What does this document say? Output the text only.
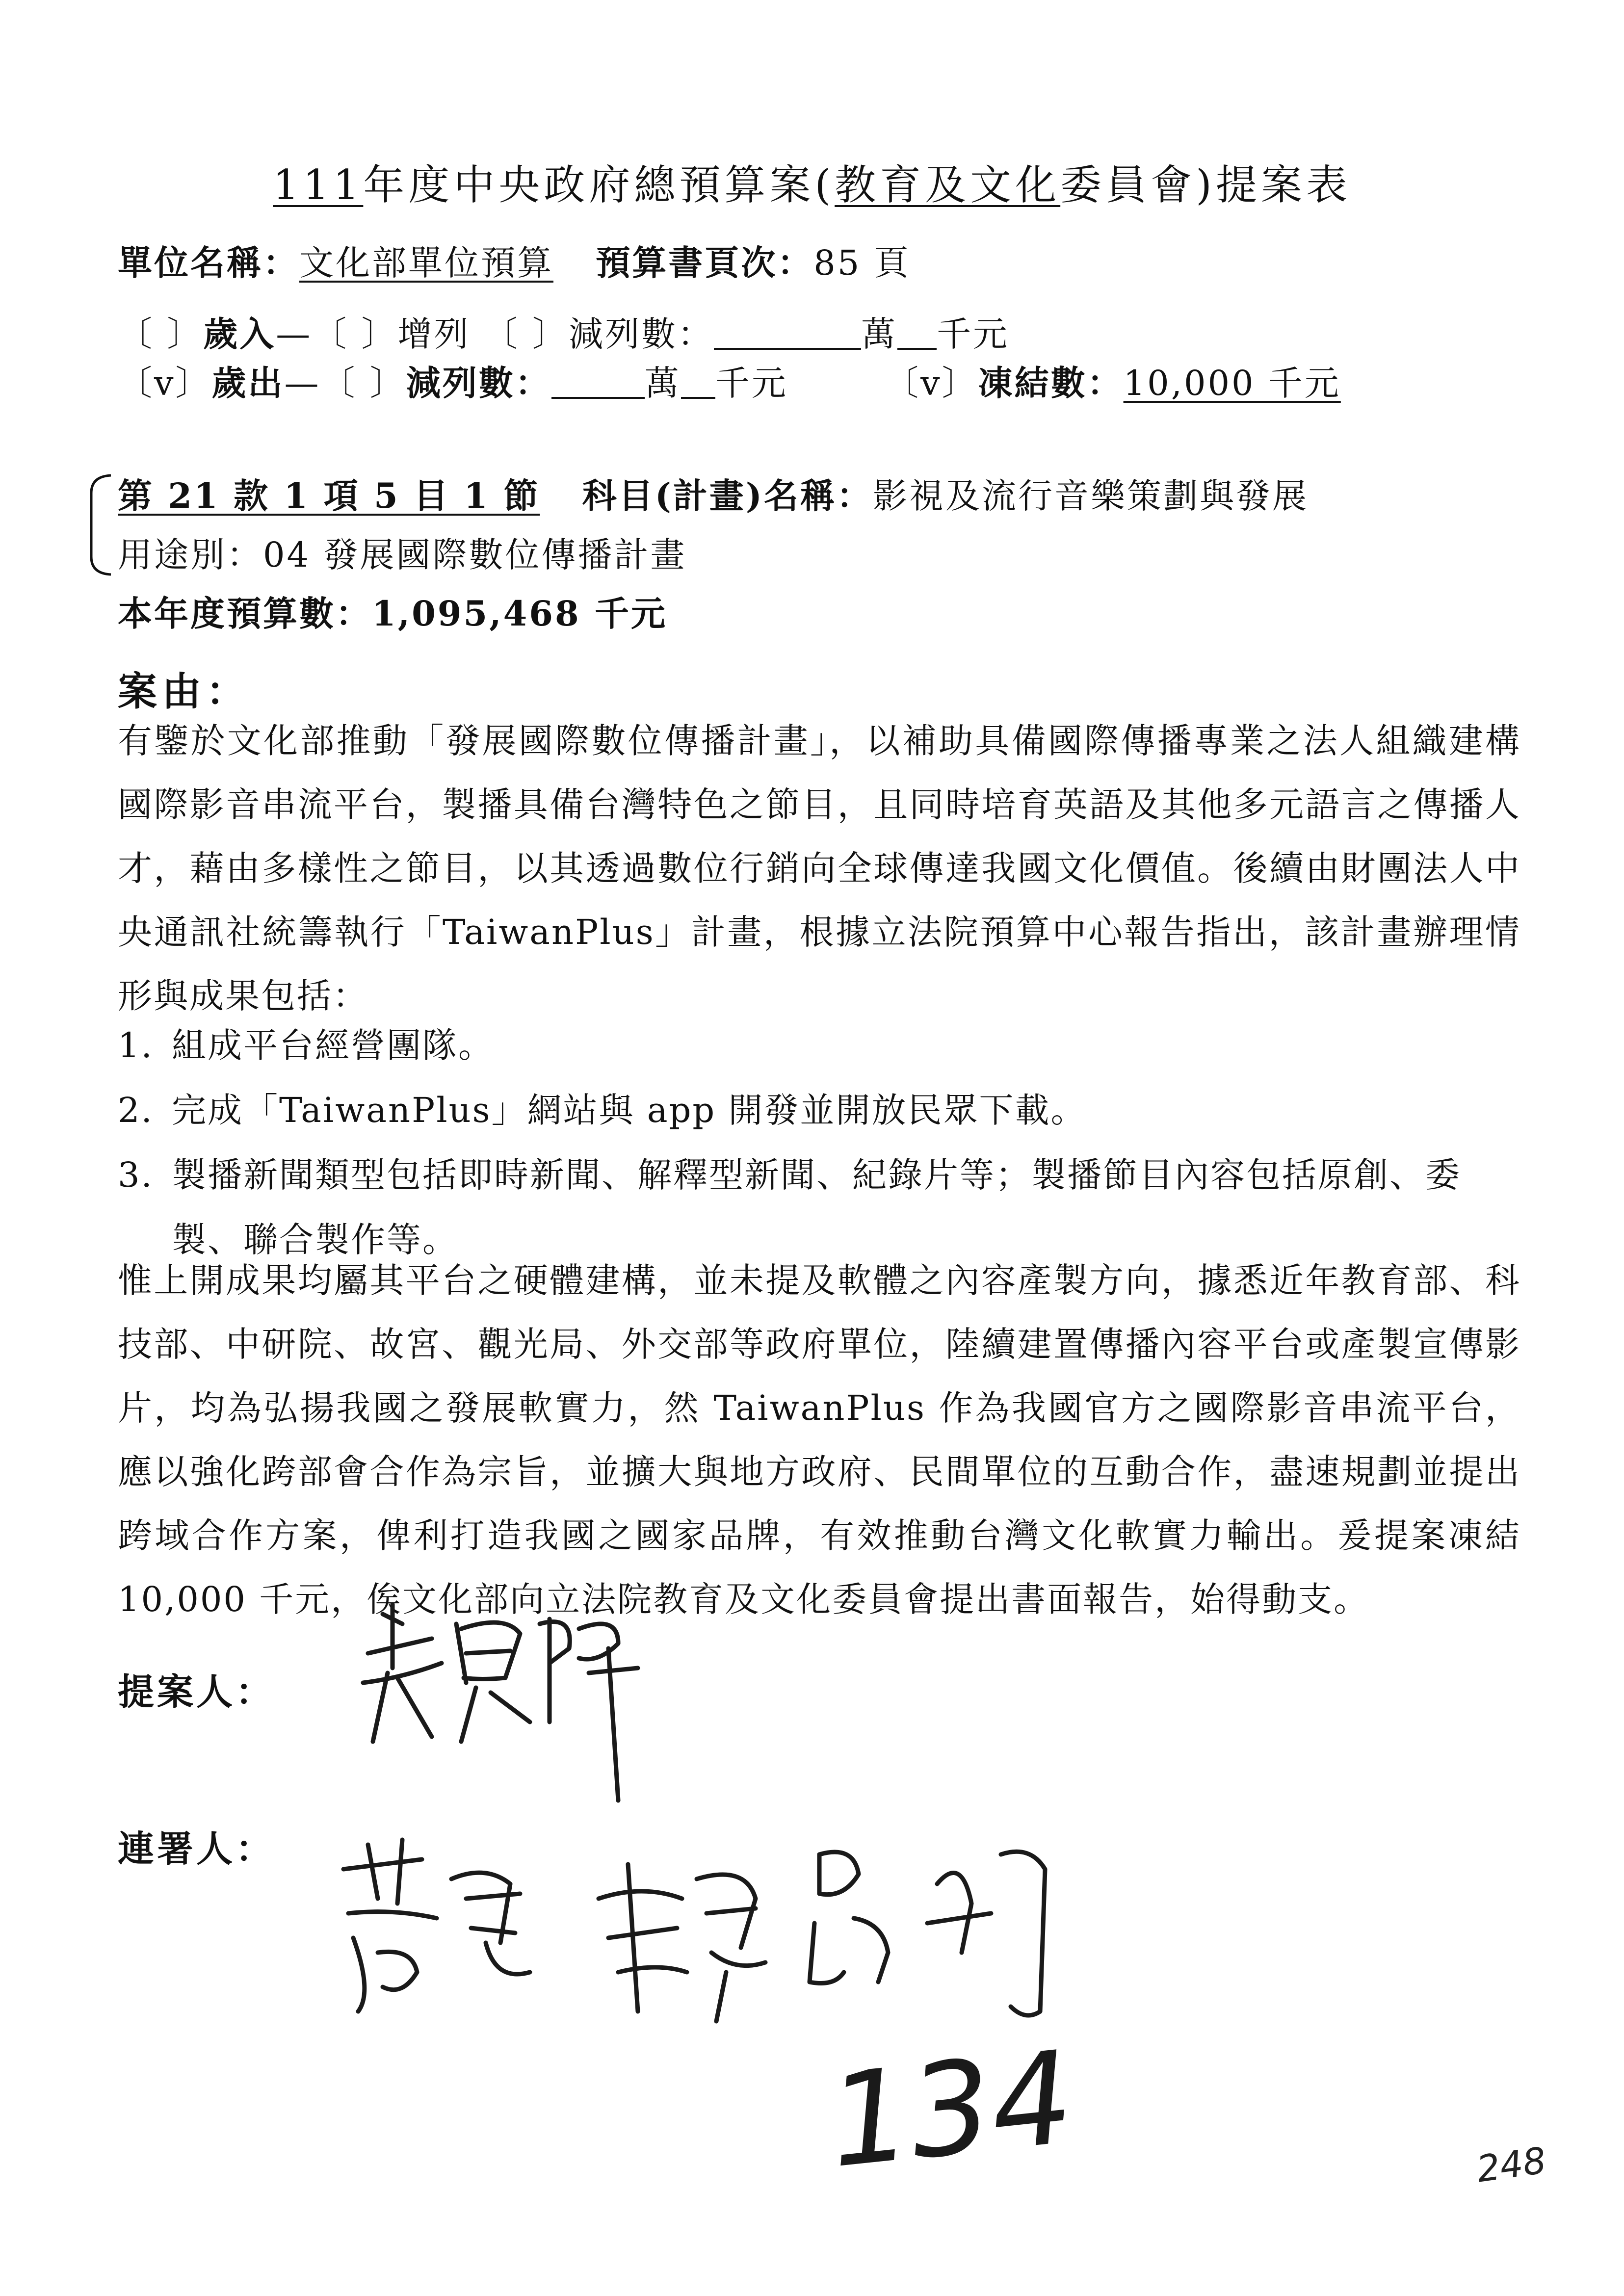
111年度中央政府總預算案(教育及文化委員會)提案表
單位名稱：文化部單位預算 預算書頁次：85 頁
〔 〕歲入—〔 〕增列 〔 〕減列數：	萬 千元
〔v〕歲出—〔 〕減列數：	萬 千元	〔v〕凍結數：10,000 千元
第 21 款 1 項 5 目 1 節 科目(計畫)名稱：影視及流行音樂策劃與發展
用途別：04 發展國際數位傳播計畫
本年度預算數：1,095,468 千元
案由：
有鑒於文化部推動「發展國際數位傳播計畫」，以補助具備國際傳播專業之法人組織建構國際影音串流平台，製播具備台灣特色之節目，且同時培育英語及其他多元語言之傳播人才，藉由多樣性之節目，以其透過數位行銷向全球傳達我國文化價值。後續由財團法人中央通訊社統籌執行「TaiwanPlus」計畫，根據立法院預算中心報告指出，該計畫辦理情形與成果包括：
1. 組成平台經營團隊。
2. 完成「TaiwanPlus」網站與 app 開發並開放民眾下載。
3. 製播新聞類型包括即時新聞、解釋型新聞、紀錄片等；製播節目內容包括原創、委製、聯合製作等。
惟上開成果均屬其平台之硬體建構，並未提及軟體之內容產製方向，據悉近年教育部、科技部、中研院、故宮、觀光局、外交部等政府單位，陸續建置傳播內容平台或產製宣傳影片，均為弘揚我國之發展軟實力，然 TaiwanPlus 作為我國官方之國際影音串流平台，應以強化跨部會合作為宗旨，並擴大與地方政府、民間單位的互動合作，盡速規劃並提出跨域合作方案，俾利打造我國之國家品牌，有效推動台灣文化軟實力輸出。爰提案凍結 10,000 千元，俟文化部向立法院教育及文化委員會提出書面報告，始得動支。
提案人：
連署人：
134	248
